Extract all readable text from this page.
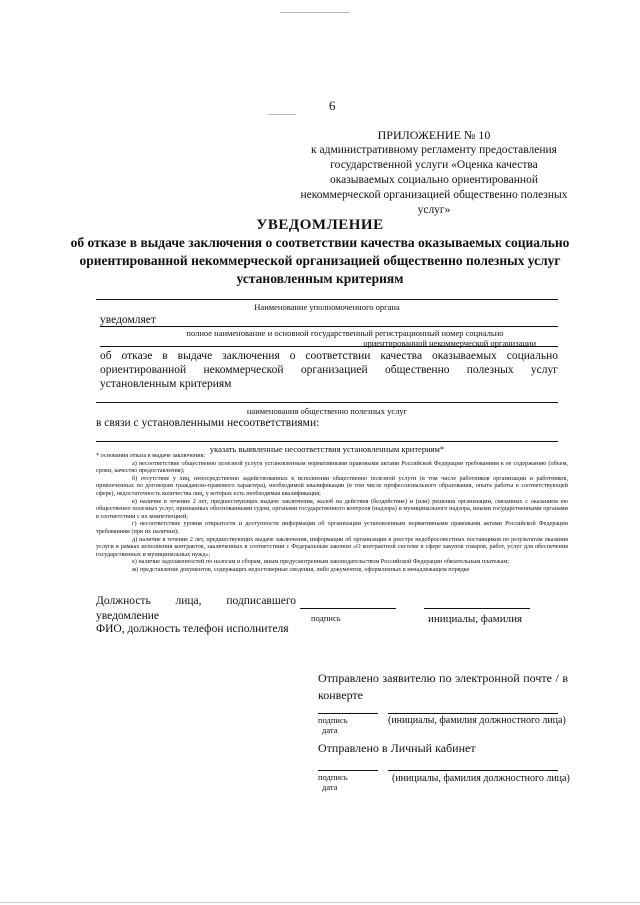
6
ПРИЛОЖЕНИЕ № 10
к административному регламенту предоставления государственной услуги «Оценка качества оказываемых социально ориентированной некоммерческой организацией общественно полезных услуг»
УВЕДОМЛЕНИЕ
об отказе в выдаче заключения о соответствии качества оказываемых социально ориентированной некоммерческой организацией общественно полезных услуг установленным критериям
Наименование уполномоченного органа
уведомляет
полное наименование и основной государственный регистрационный номер социально
ориентированной некоммерческой организации
об отказе в выдаче заключения о соответствии качества оказываемых социально ориентированной некоммерческой организацией общественно полезных услуг установленным критериям
наименования общественно полезных услуг
в связи с установленными несоответствиями:
указать выявленные несоответствия установленным критериям*

* основания отказа в выдаче заключения:

а) несоответствие общественно полезной услуги установленным нормативными правовыми актами Российской Федерации требованиям к ее содержанию (объем, сроки, качество предоставления);

б) отсутствие у лиц, непосредственно задействованных в исполнении общественно полезной услуги (в том числе работников организации и работников, привлеченных по договорам гражданско-правового характера), необходимой квалификации (в том числе профессионального образования, опыта работы в соответствующей сфере), недостаточность количества лиц, у которых есть необходимая квалификация;

в) наличие в течение 2 лет, предшествующих выдаче заключения, жалоб на действия (бездействие) и (или) решения организации, связанных с оказанием ею общественно полезных услуг, признанных обоснованными судом, органами государственного контроля (надзора) и муниципального надзора, иными государственными органами в соответствии с их компетенцией;

г) несоответствие уровня открытости и доступности информации об организации установленным нормативными правовыми актами Российской Федерации требованиям (при их наличии);

д) наличие в течение 2 лет, предшествующих выдаче заключения, информации об организации в реестре недобросовестных поставщиков по результатам оказания услуги в рамках исполнения контрактов, заключенных в соответствии с Федеральным законом «О контрактной системе в сфере закупок товаров, работ, услуг для обеспечения государственных и муниципальных нужд»;

е) наличие задолженностей по налогам и сборам, иным предусмотренным законодательством Российской Федерации обязательным платежам;

ж) представление документов, содержащих недостоверные сведения, либо документов, оформленных в ненадлежащем порядке

Должность лица, подписавшего уведомление	подпись	инициалы, фамилия
ФИО, должность телефон исполнителя
Отправлено заявителю по электронной почте / в конверте
подпись
дата
(инициалы, фамилия должностного лица)
Отправлено в Личный кабинет
подпись
дата
(инициалы, фамилия должностного лица)
